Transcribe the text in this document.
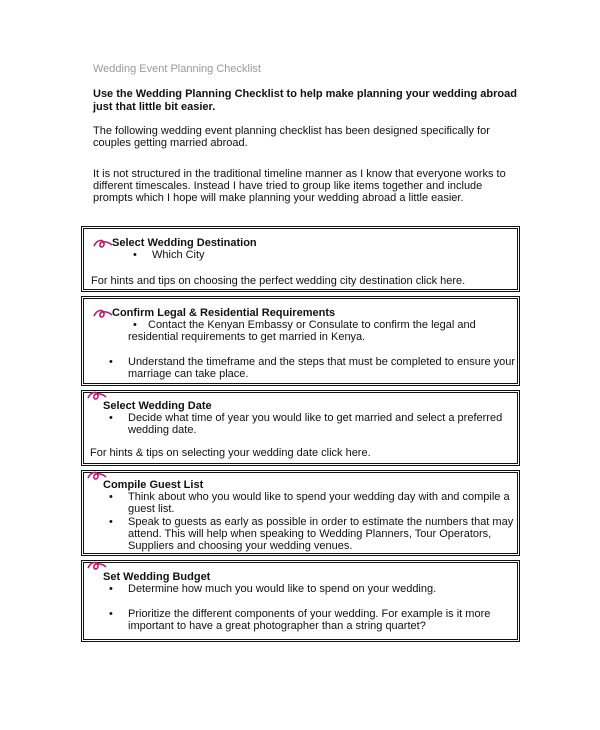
Wedding Event Planning Checklist
Use the Wedding Planning Checklist to help make planning your wedding abroad just that little bit easier.
The following wedding event planning checklist has been designed specifically for couples getting married abroad.
It is not structured in the traditional timeline manner as I know that everyone works to different timescales. Instead I have tried to group like items together and include prompts which I hope will make planning your wedding abroad a little easier.
Select Wedding Destination
• Which City
For hints and tips on choosing the perfect wedding city destination click here.
Confirm Legal & Residential Requirements
•	Contact the Kenyan Embassy or Consulate to confirm the legal and residential requirements to get married in Kenya.
• Understand the timeframe and the steps that must be completed to ensure your marriage can take place.
Select Wedding Date
• Decide what time of year you would like to get married and select a preferred wedding date.
For hints & tips on selecting your wedding date click here.
Compile Guest List
• Think about who you would like to spend your wedding day with and compile a guest list.
• Speak to guests as early as possible in order to estimate the numbers that may attend. This will help when speaking to Wedding Planners, Tour Operators, Suppliers and choosing your wedding venues.
Set Wedding Budget
• Determine how much you would like to spend on your wedding.
• Prioritize the different components of your wedding. For example is it more important to have a great photographer than a string quartet?
